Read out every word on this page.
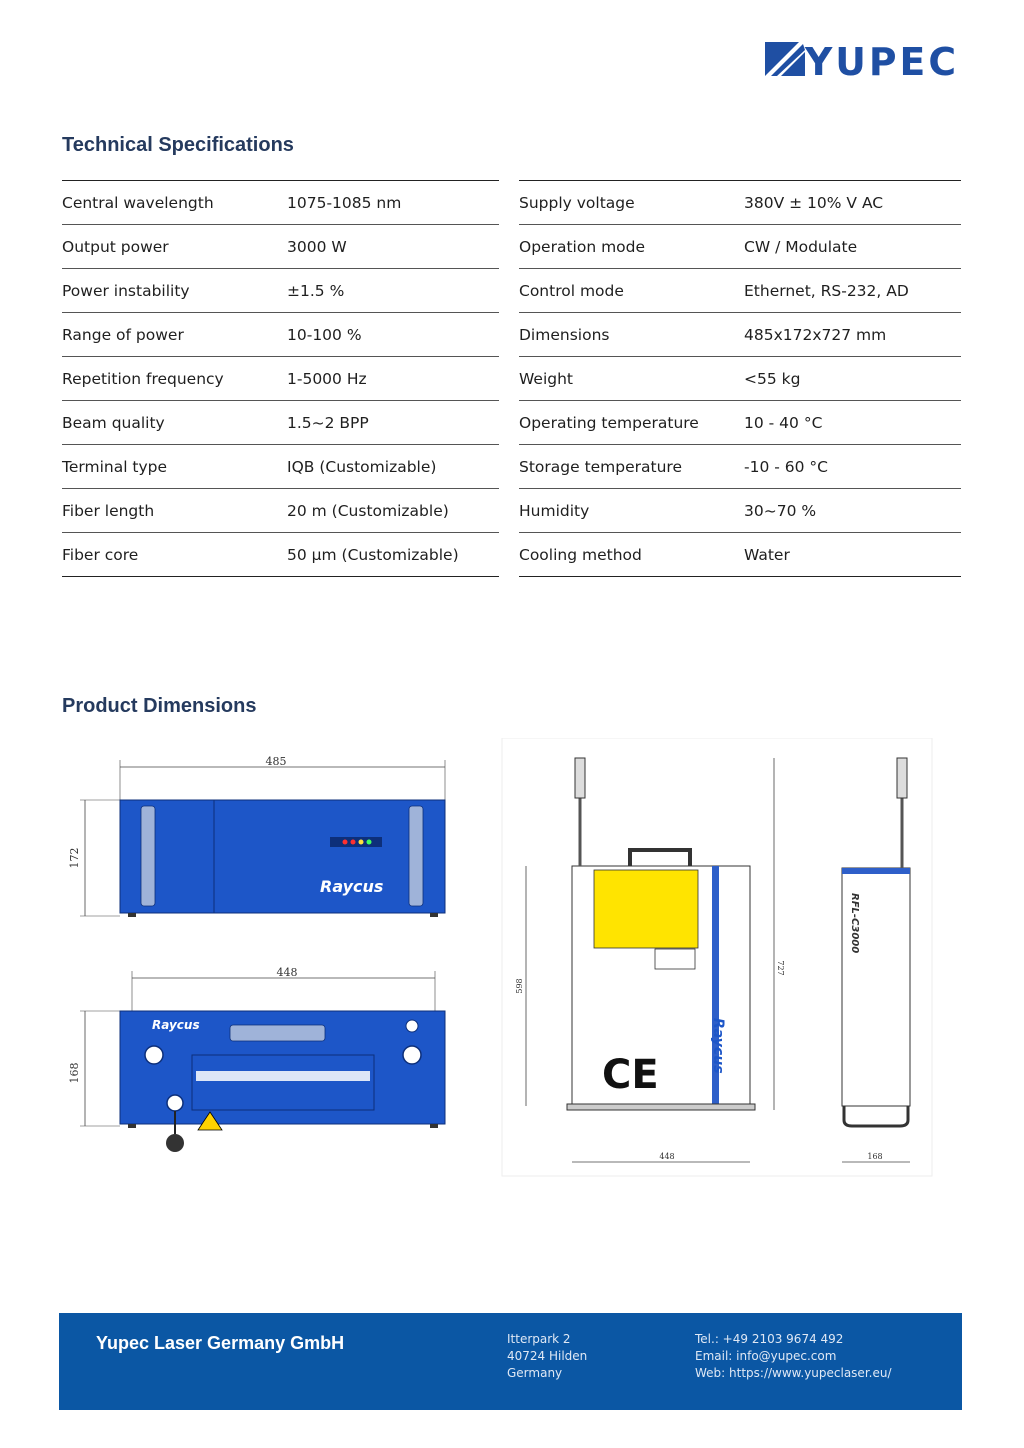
YUPEC
Technical Specifications
Central wavelength	1075-1085 nm
Output power	3000 W
Power instability	±1.5 %
Range of power	10-100 %
Repetition frequency	1-5000 Hz
Beam quality	1.5~2 BPP
Terminal type	IQB (Customizable)
Fiber length	20 m (Customizable)
Fiber core	50 µm (Customizable)
Supply voltage	380V ± 10% V AC
Operation mode	CW / Modulate
Control mode	Ethernet, RS-232, AD
Dimensions	485x172x727 mm
Weight	<55 kg
Operating temperature	10 - 40 °C
Storage temperature	-10 - 60 °C
Humidity	30~70 %
Cooling method	Water
Product Dimensions
485
172
Raycus
448
168
Raycus
CE
Raycus
598
727
448
RFL-C3000
168
Yupec Laser Germany GmbH	Itterpark 2
40724 Hilden
Germany
Tel.: +49 2103 9674 492
Email: info@yupec.com
Web: https://www.yupeclaser.eu/
